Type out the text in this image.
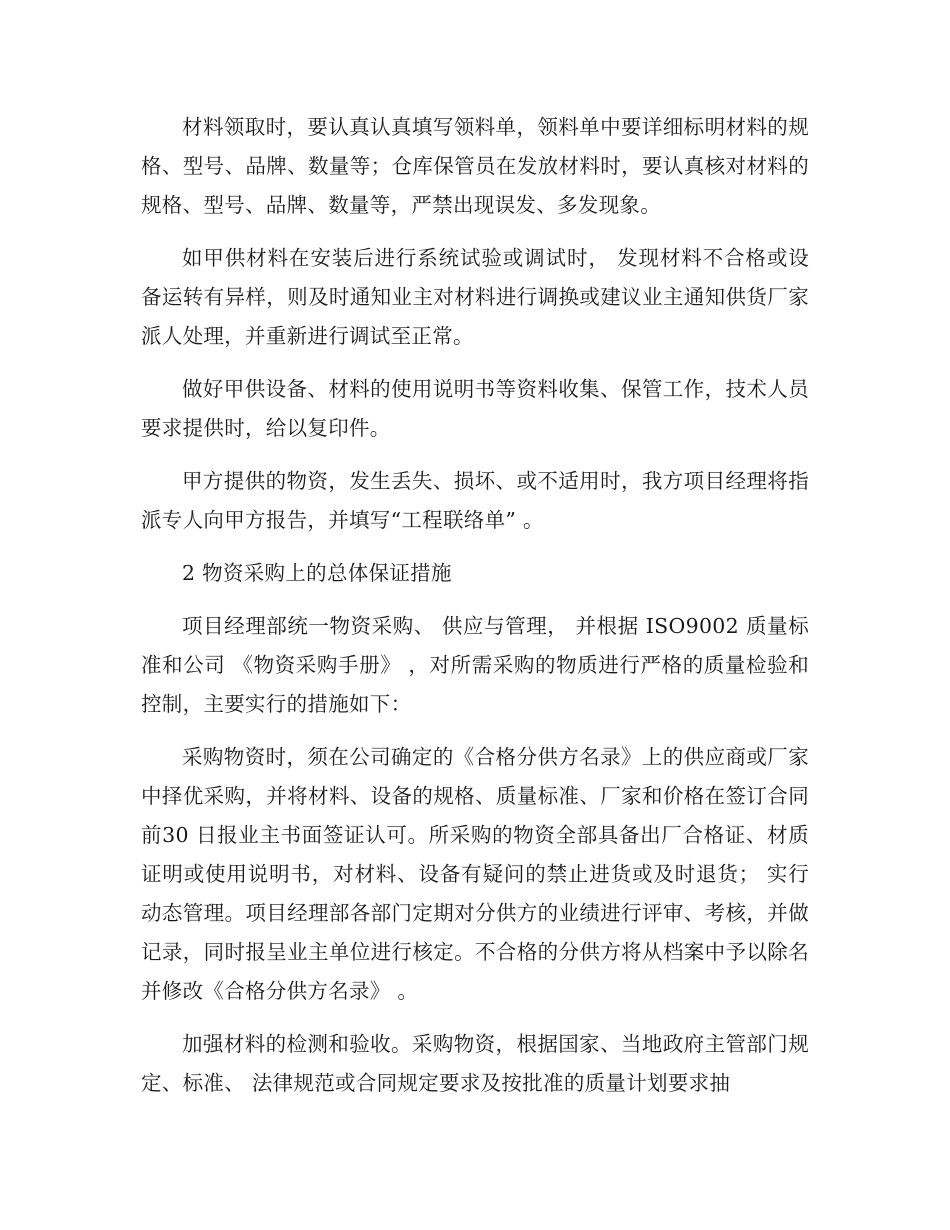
材料领取时，要认真认真填写领料单，领料单中要详细标明材料的规格、型号、品牌、数量等；仓库保管员在发放材料时，要认真核对材料的规格、型号、品牌、数量等，严禁出现误发、多发现象。

如甲供材料在安装后进行系统试验或调试时， 发现材料不合格或设备运转有异样，则及时通知业主对材料进行调换或建议业主通知供货厂家派人处理，并重新进行调试至正常。

做好甲供设备、材料的使用说明书等资料收集、保管工作，技术人员要求提供时，给以复印件。

甲方提供的物资，发生丢失、损坏、或不适用时，我方项目经理将指派专人向甲方报告，并填写“工程联络单” 。

2 物资采购上的总体保证措施

项目经理部统一物资采购、 供应与管理， 并根据 ISO9002 质量标准和公司 《物资采购手册》 ，对所需采购的物质进行严格的质量检验和控制，主要实行的措施如下：

采购物资时，须在公司确定的《合格分供方名录》上的供应商或厂家中择优采购，并将材料、设备的规格、质量标准、厂家和价格在签订合同前30 日报业主书面签证认可。所采购的物资全部具备出厂合格证、材质证明或使用说明书，对材料、设备有疑问的禁止进货或及时退货； 实行动态管理。项目经理部各部门定期对分供方的业绩进行评审、考核，并做记录，同时报呈业主单位进行核定。不合格的分供方将从档案中予以除名并修改《合格分供方名录》 。

加强材料的检测和验收。采购物资，根据国家、当地政府主管部门规定、标准、 法律规范或合同规定要求及按批准的质量计划要求抽
